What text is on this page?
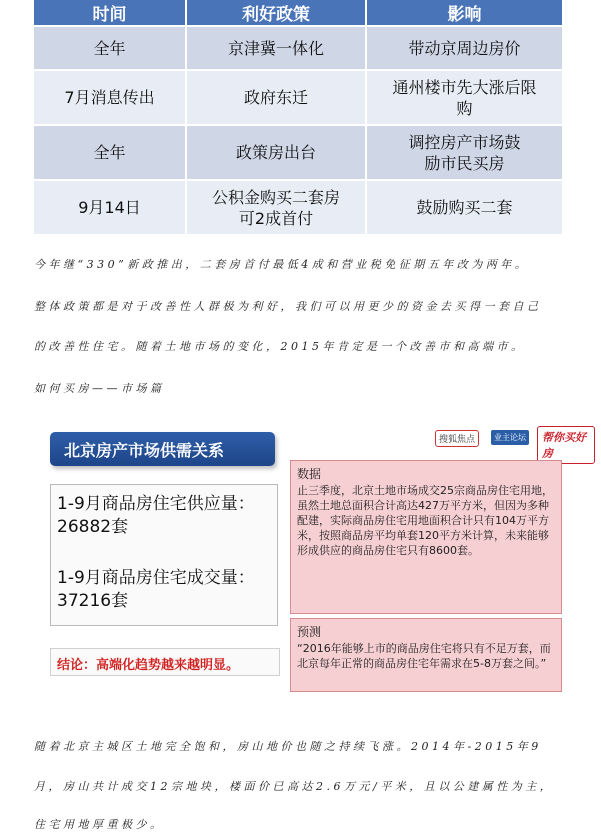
时间	利好政策	影响
全年	京津冀一体化	带动京周边房价
7月消息传出	政府东迁	通州楼市先大涨后限购
全年	政策房出台	调控房产市场鼓励市民买房
9月14日	公积金购买二套房可2成首付	鼓励购买二套
今年继“330”新政推出，二套房首付最低4成和营业税免征期五年改为两年。
整体政策都是对于改善性人群极为利好，我们可以用更少的资金去买得一套自己
的改善性住宅。随着土地市场的变化，2015年肯定是一个改善市和高端市。
如何买房——市场篇
北京房产市场供需关系
搜狐焦点	业主论坛	帮你买好房
1-9月商品房住宅供应量： 26882套
1-9月商品房住宅成交量：37216套
结论：高端化趋势越来越明显。
数据
止三季度，北京土地市场成交25宗商品房住宅用地，虽然土地总面积合计高达427万平方米，但因为多种配建，实际商品房住宅用地面积合计只有104万平方米，按照商品房平均单套120平方米计算，未来能够形成供应的商品房住宅只有8600套。
预测
“2016年能够上市的商品房住宅将只有不足万套，而北京每年正常的商品房住宅年需求在5-8万套之间。”
随着北京主城区土地完全饱和，房山地价也随之持续飞涨。2014年-2015年9
月，房山共计成交12宗地块，楼面价已高达2.6万元/平米，且以公建属性为主，
住宅用地厚重极少。
